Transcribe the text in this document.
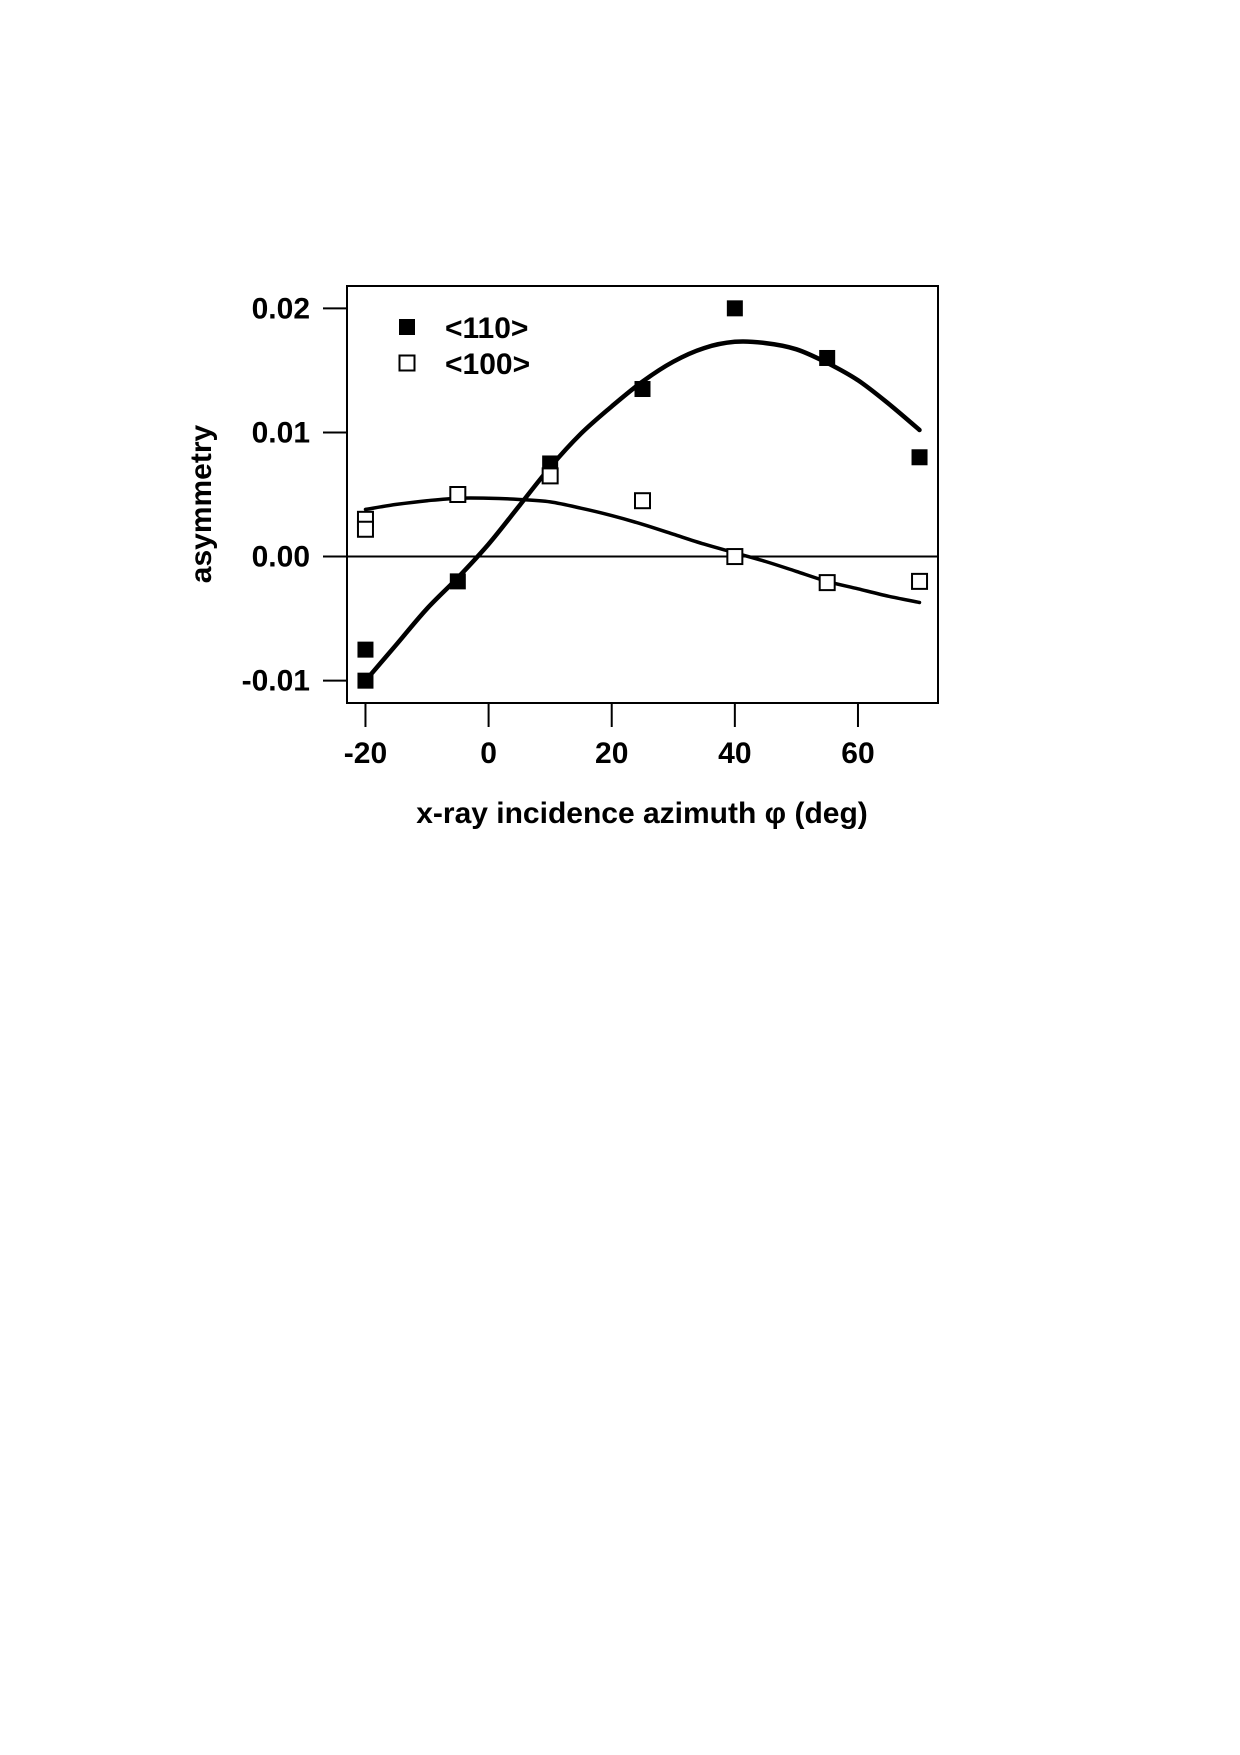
-0.01
0.00
0.01
0.02
-20	0	20	40	60
<110>
<100>
x-ray incidence azimuth φ (deg)
asymmetry
